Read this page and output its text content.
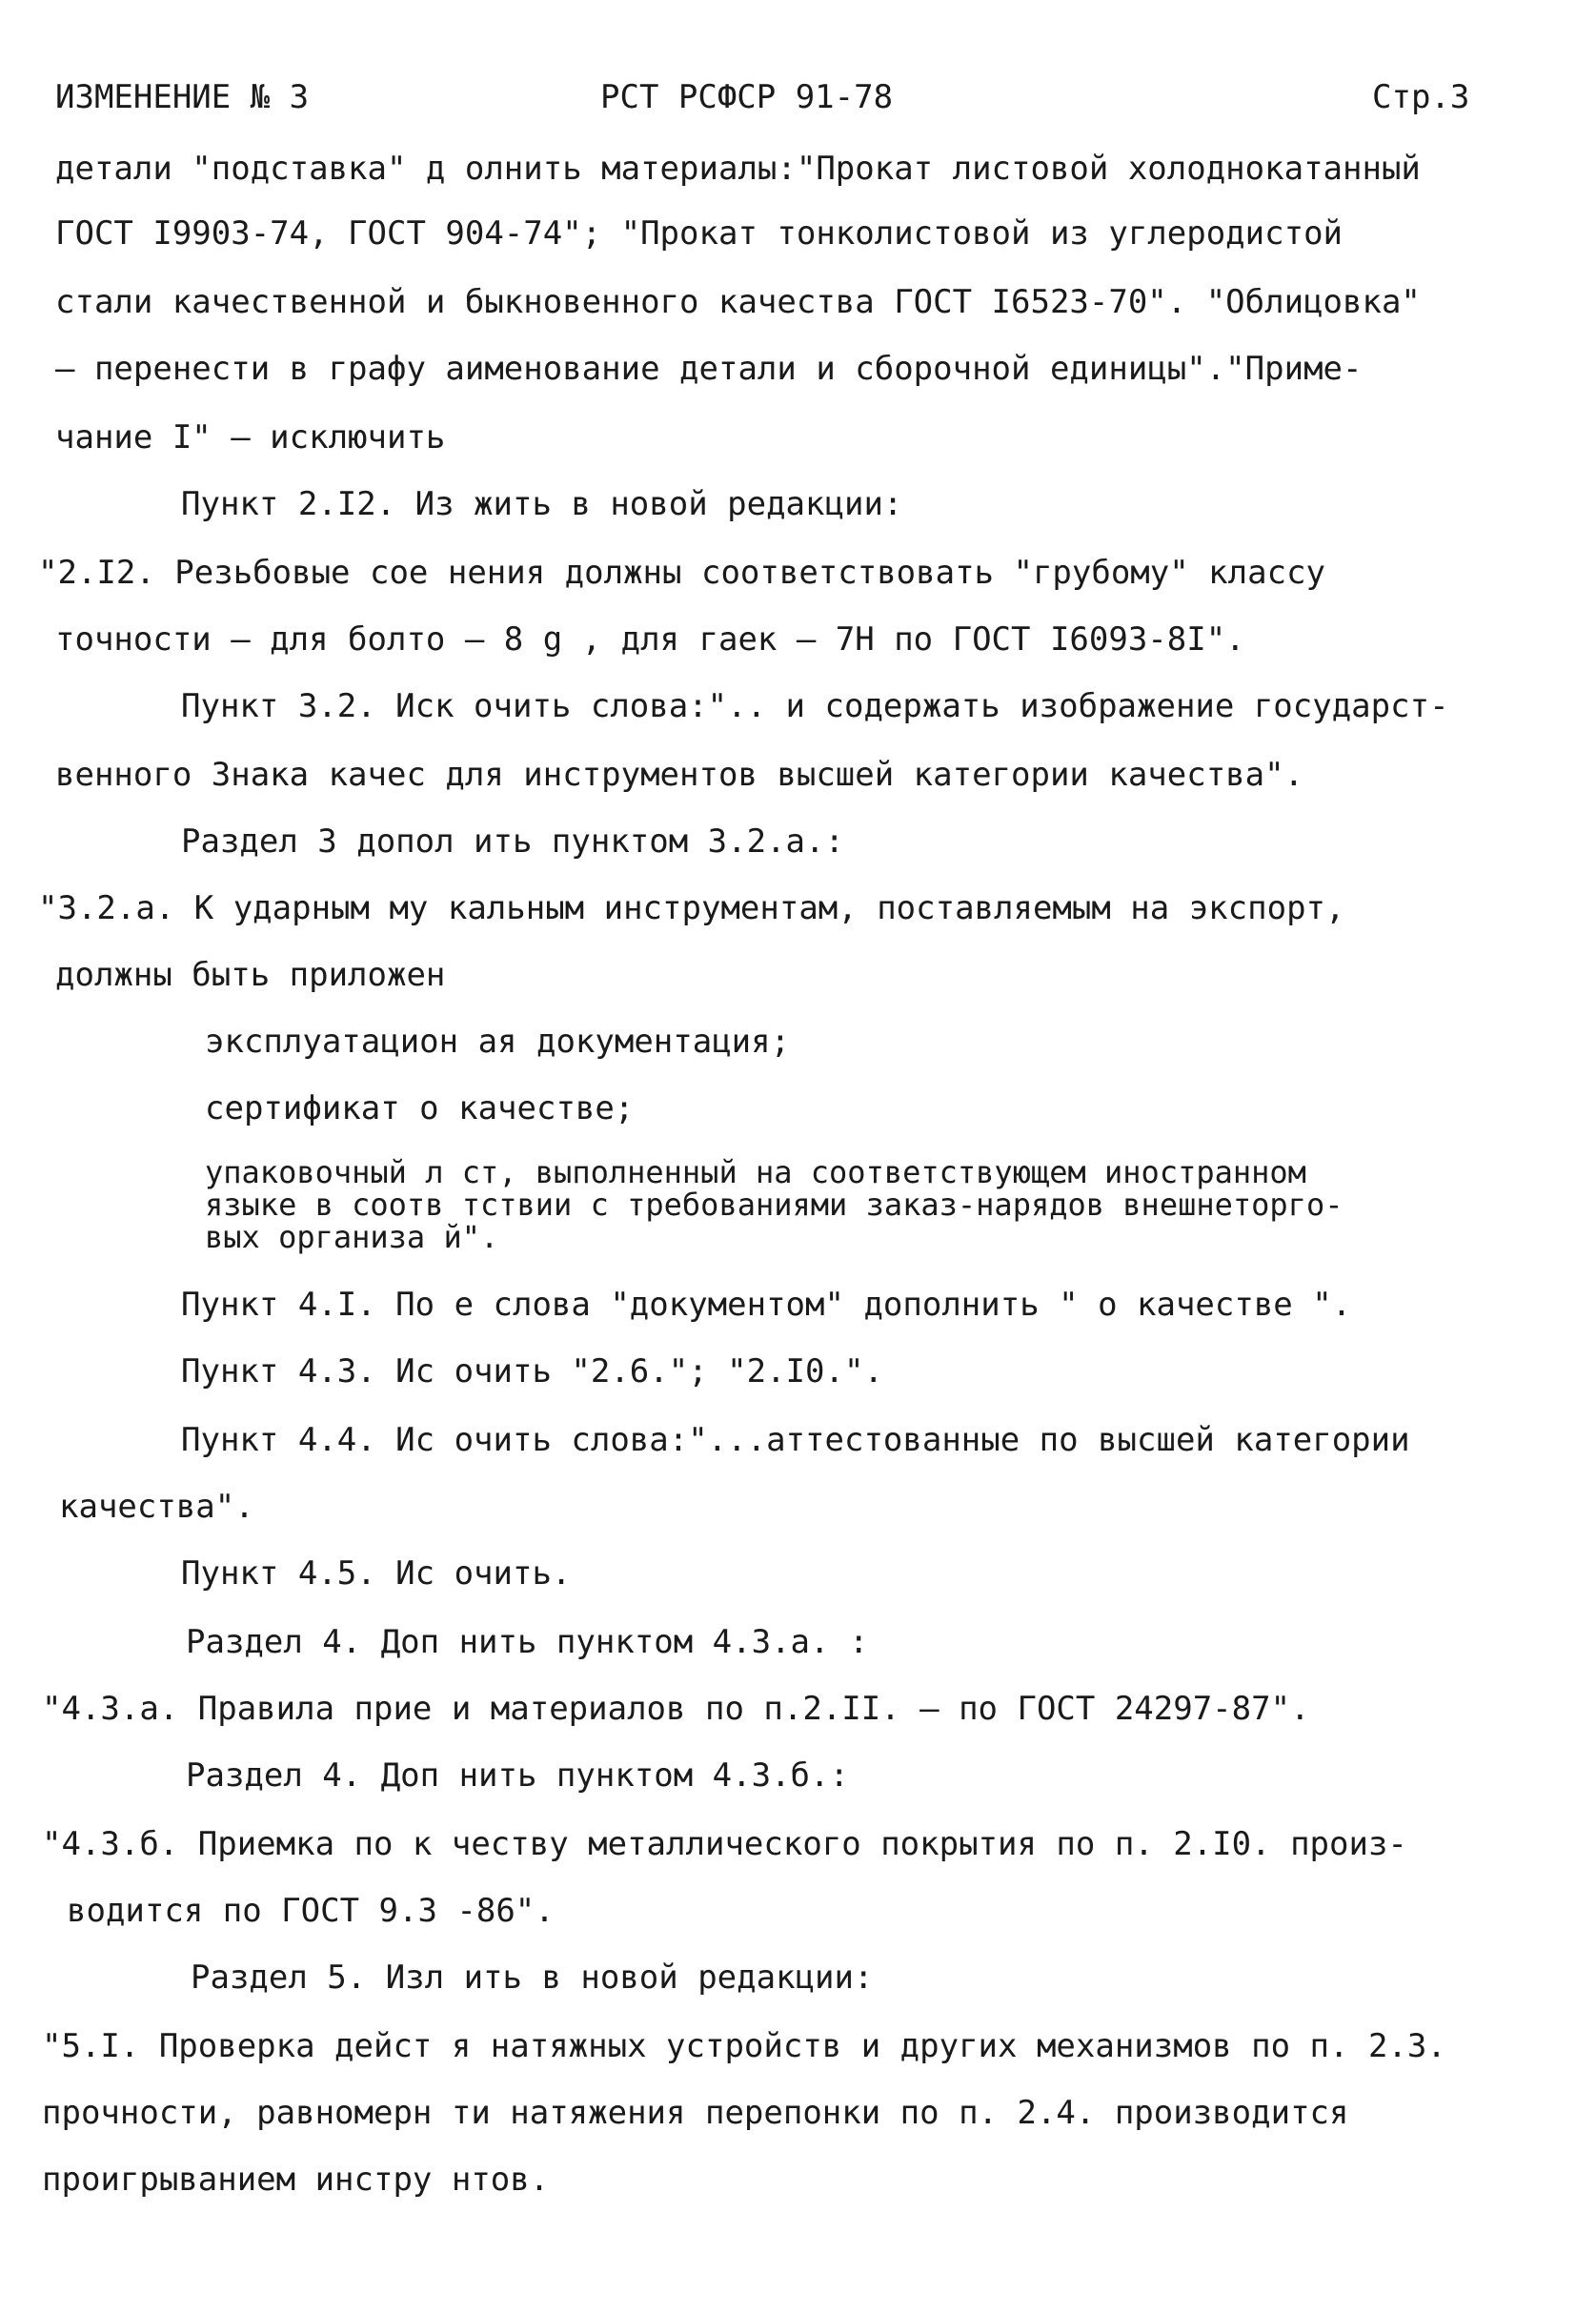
ИЗМЕНЕНИЕ № 3	РСТ РСФСР 91-78	Стр.3
детали "подставка" д олнить материалы:"Прокат листовой холоднокатанный
ГОСТ I9903-74, ГОСТ 904-74"; "Прокат тонколистовой из углеродистой
стали качественной и быкновенного качества ГОСТ I6523-70". "Облицовка"
– перенести в графу аименование детали и сборочной единицы"."Приме-
чание I" – исключить
Пункт 2.I2. Из жить в новой редакции:
"2.I2. Резьбовые сое нения должны соответствовать "грубому" классу
точности – для болто – 8 g , для гаек – 7Н по ГОСТ I6093-8I".
Пункт 3.2. Иск очить слова:".. и содержать изображение государст-
венного Знака качес для инструментов высшей категории качества".
Раздел 3 допол ить пунктом 3.2.а.:
"3.2.а. К ударным му кальным инструментам, поставляемым на экспорт,
должны быть приложен
эксплуатацион ая документация;
сертификат о качестве;
упаковочный л ст, выполненный на соответствующем иностранном
языке в соотв тствии с требованиями заказ-нарядов внешнеторго-
вых организа й".
Пункт 4.I. По е слова "документом" дополнить " о качестве ".
Пункт 4.3. Ис очить "2.6."; "2.I0.".
Пункт 4.4. Ис очить слова:"...аттестованные по высшей категории
качества".
Пункт 4.5. Ис очить.
Раздел 4. Доп нить пунктом 4.3.а. :
"4.3.а. Правила прие и материалов по п.2.II. – по ГОСТ 24297-87".
Раздел 4. Доп нить пунктом 4.3.б.:
"4.3.б. Приемка по к честву металлического покрытия по п. 2.I0. произ-
водится по ГОСТ 9.3 -86".
Раздел 5. Изл ить в новой редакции:
"5.I. Проверка дейст я натяжных устройств и других механизмов по п. 2.3.
прочности, равномерн ти натяжения перепонки по п. 2.4. производится
проигрыванием инстру нтов.
